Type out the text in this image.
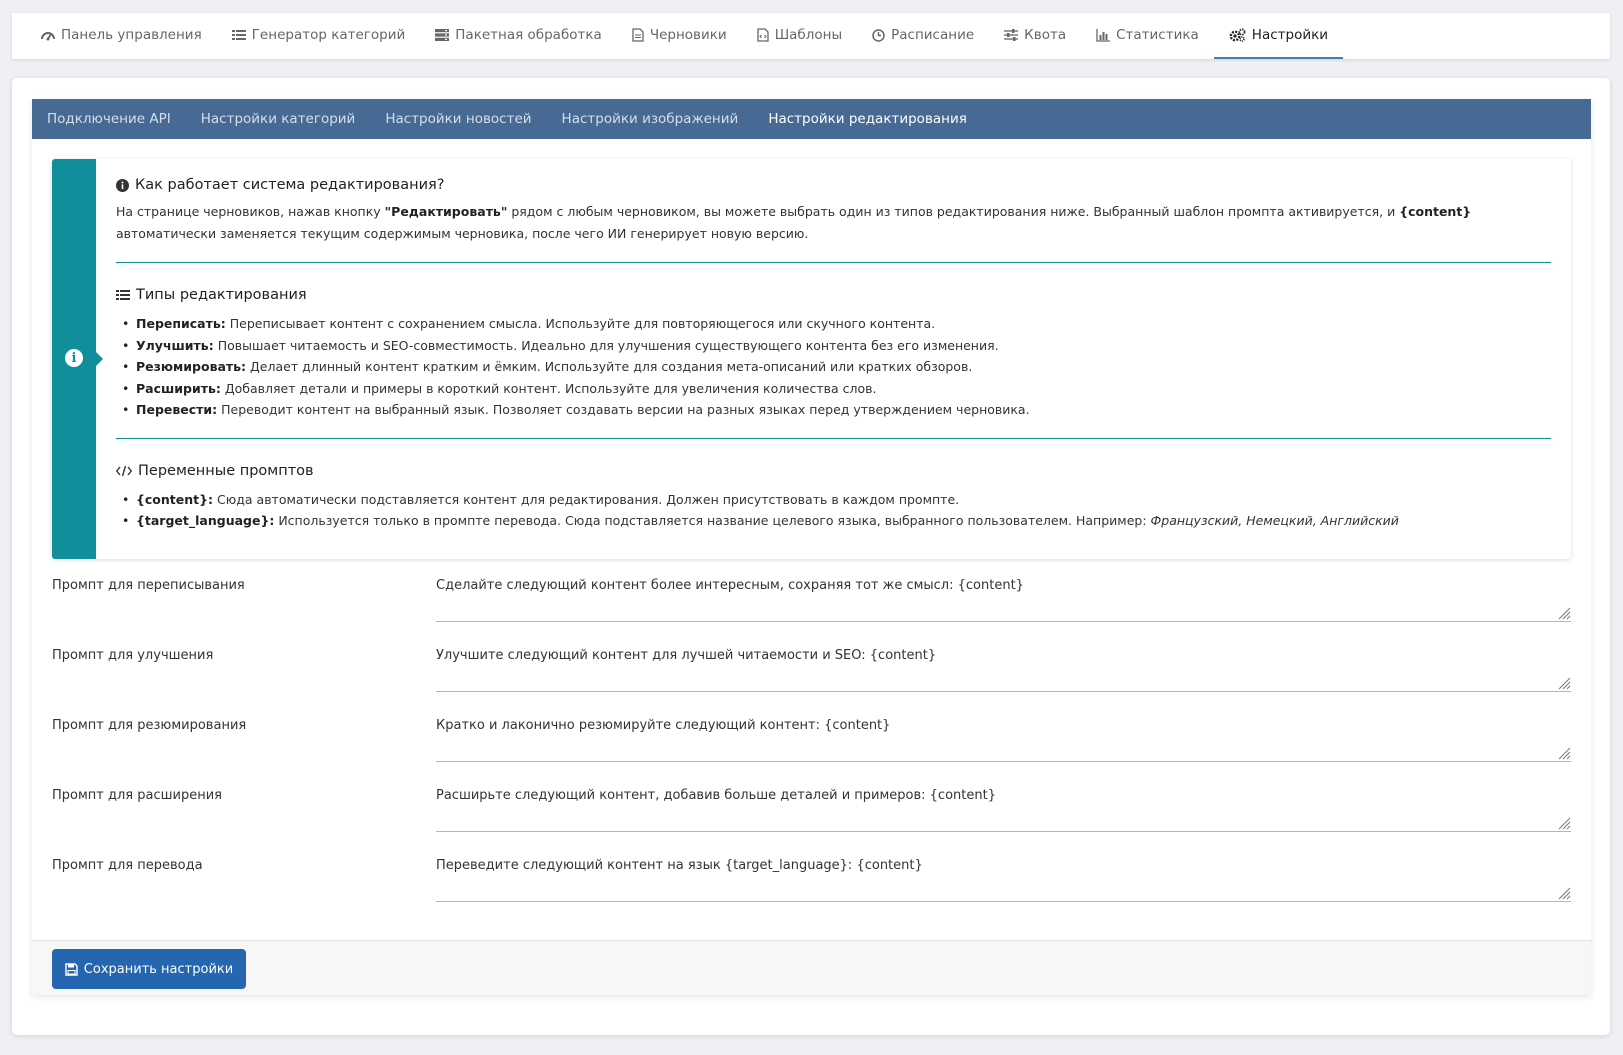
Панель управления	Генератор категорий	Пакетная обработка	Черновики	Шаблоны	Расписание	Квота	Статистика	Настройки
Подключение API	Настройки категорий	Настройки новостей	Настройки изображений	Настройки редактирования
i
Как работает система редактирования?

На странице черновиков, нажав кнопку "Редактировать" рядом с любым черновиком, вы можете выбрать один из типов редактирования ниже. Выбранный шаблон промпта активируется, и {content} автоматически заменяется текущим содержимым черновика, после чего ИИ генерирует новую версию.

Типы редактирования
• Переписать: Переписывает контент с сохранением смысла. Используйте для повторяющегося или скучного контента.
• Улучшить: Повышает читаемость и SEO-совместимость. Идеально для улучшения существующего контента без его изменения.
• Резюмировать: Делает длинный контент кратким и ёмким. Используйте для создания мета-описаний или кратких обзоров.
• Расширить: Добавляет детали и примеры в короткий контент. Используйте для увеличения количества слов.
• Перевести: Переводит контент на выбранный язык. Позволяет создавать версии на разных языках перед утверждением черновика.
Переменные промптов
• {content}: Сюда автоматически подставляется контент для редактирования. Должен присутствовать в каждом промпте.
• {target_language}: Используется только в промпте перевода. Сюда подставляется название целевого языка, выбранного пользователем. Например: Французский, Немецкий, Английский
Промпт для переписывания	Сделайте следующий контент более интересным, сохраняя тот же смысл: {content}
Промпт для улучшения	Улучшите следующий контент для лучшей читаемости и SEO: {content}
Промпт для резюмирования	Кратко и лаконично резюмируйте следующий контент: {content}
Промпт для расширения	Расширьте следующий контент, добавив больше деталей и примеров: {content}
Промпт для перевода	Переведите следующий контент на язык {target_language}: {content}
Сохранить настройки
